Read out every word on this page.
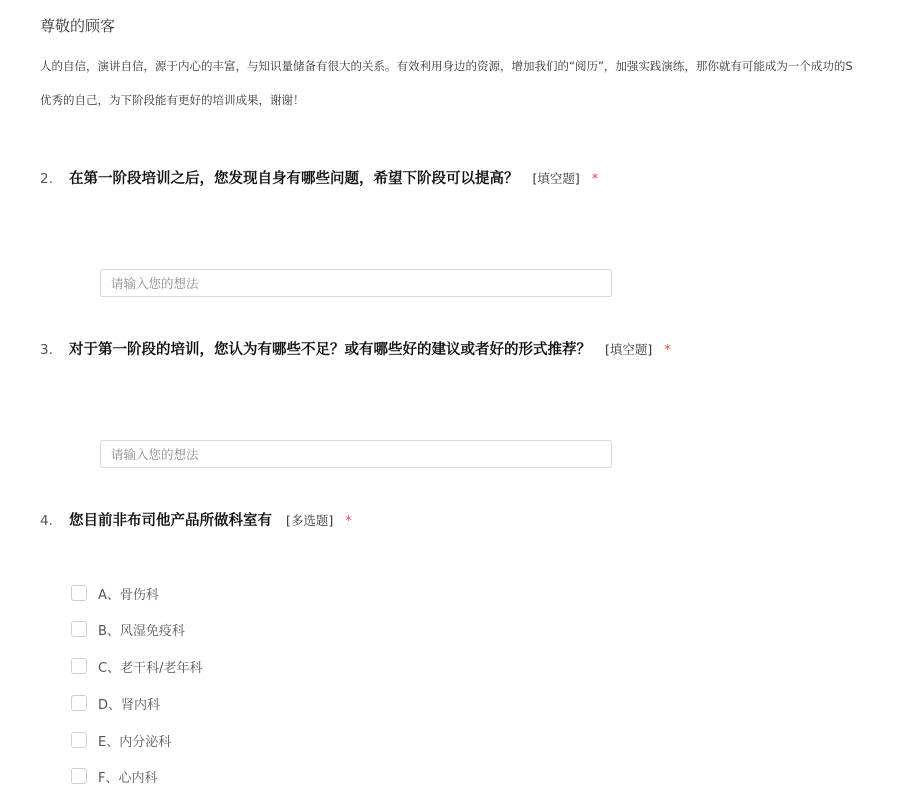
尊敬的顾客
人的自信，演讲自信，源于内心的丰富，与知识量储备有很大的关系。有效利用身边的资源，增加我们的“阅历”，加强实践演练，那你就有可能成为一个成功的S
优秀的自己，为下阶段能有更好的培训成果，谢谢！
2. 在第一阶段培训之后，您发现自身有哪些问题，希望下阶段可以提高？ [填空题] *
请输入您的想法
3. 对于第一阶段的培训，您认为有哪些不足？或有哪些好的建议或者好的形式推荐？ [填空题] *
请输入您的想法
4. 您目前非布司他产品所做科室有 [多选题] *
A、骨伤科
B、风湿免疫科
C、老干科/老年科
D、肾内科
E、内分泌科
F、心内科
